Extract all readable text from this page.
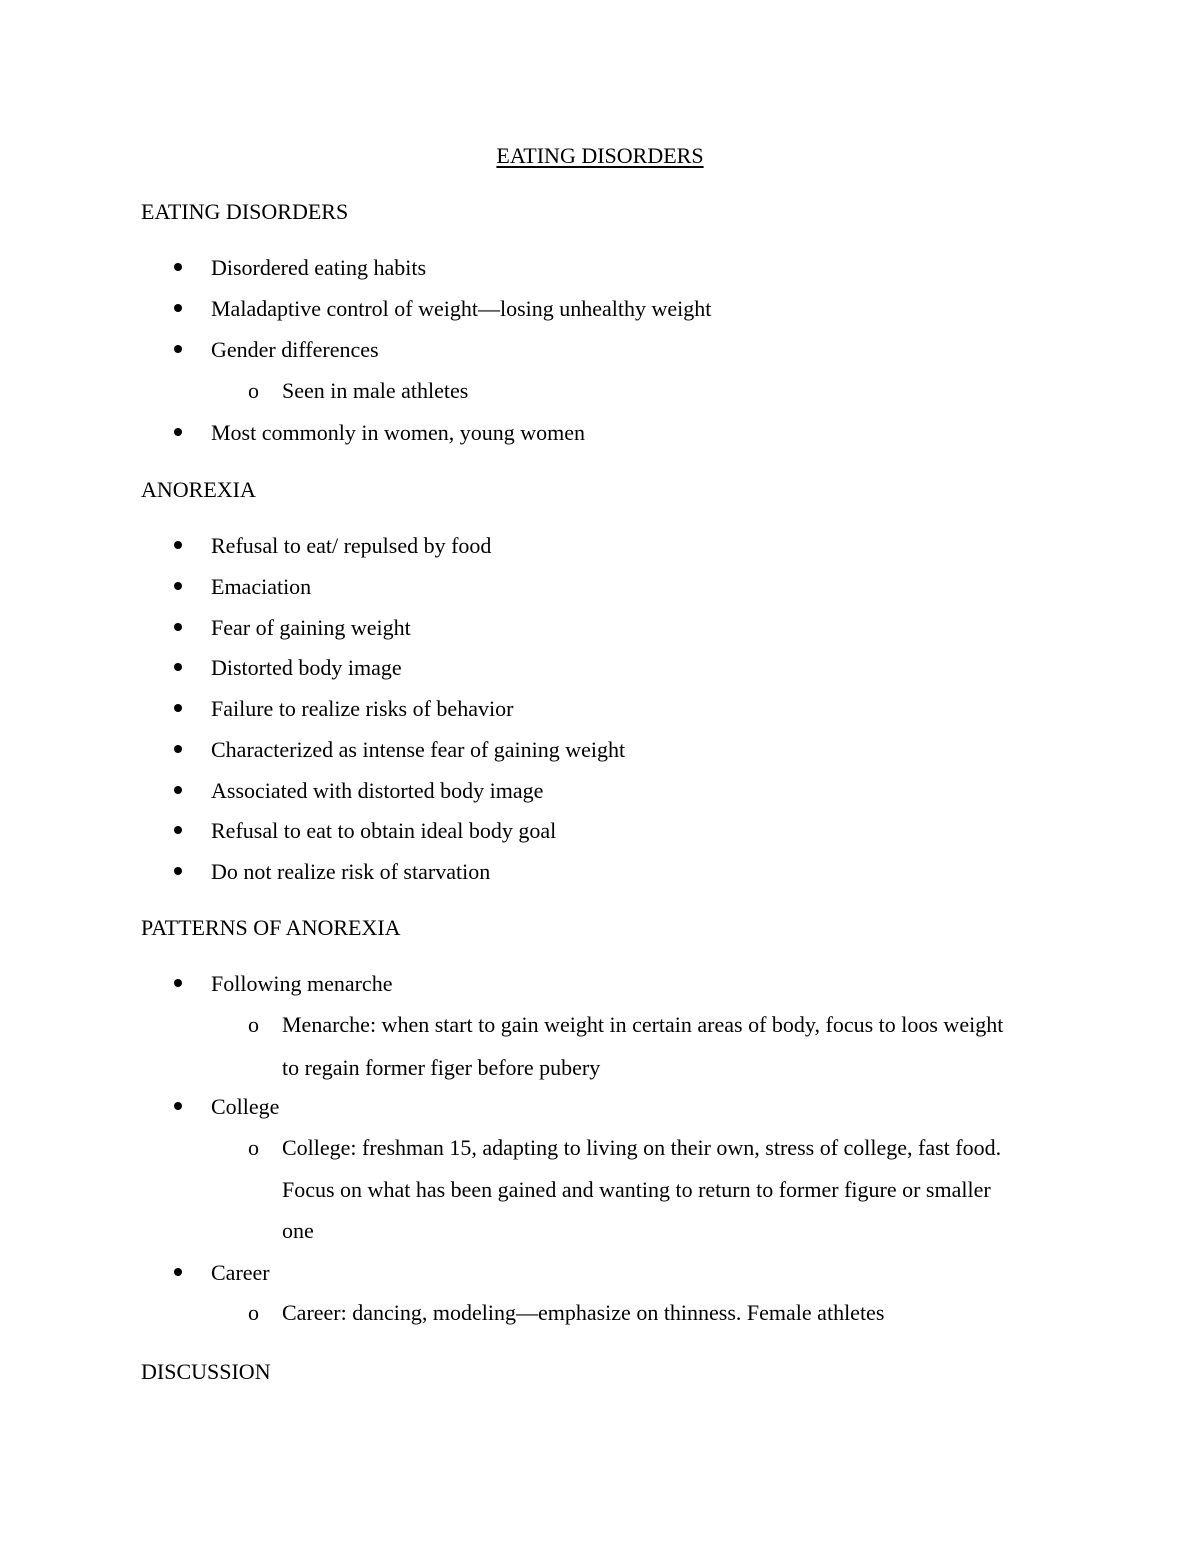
EATING DISORDERS
EATING DISORDERS
Disordered eating habits
Maladaptive control of weight—losing unhealthy weight
Gender differences
o Seen in male athletes
Most commonly in women, young women
ANOREXIA
Refusal to eat/ repulsed by food
Emaciation
Fear of gaining weight
Distorted body image
Failure to realize risks of behavior
Characterized as intense fear of gaining weight
Associated with distorted body image
Refusal to eat to obtain ideal body goal
Do not realize risk of starvation
PATTERNS OF ANOREXIA
Following menarche
o Menarche: when start to gain weight in certain areas of body, focus to loos weight
to regain former figer before pubery
College
o College: freshman 15, adapting to living on their own, stress of college, fast food.
Focus on what has been gained and wanting to return to former figure or smaller
one
Career
o Career: dancing, modeling—emphasize on thinness. Female athletes
DISCUSSION
